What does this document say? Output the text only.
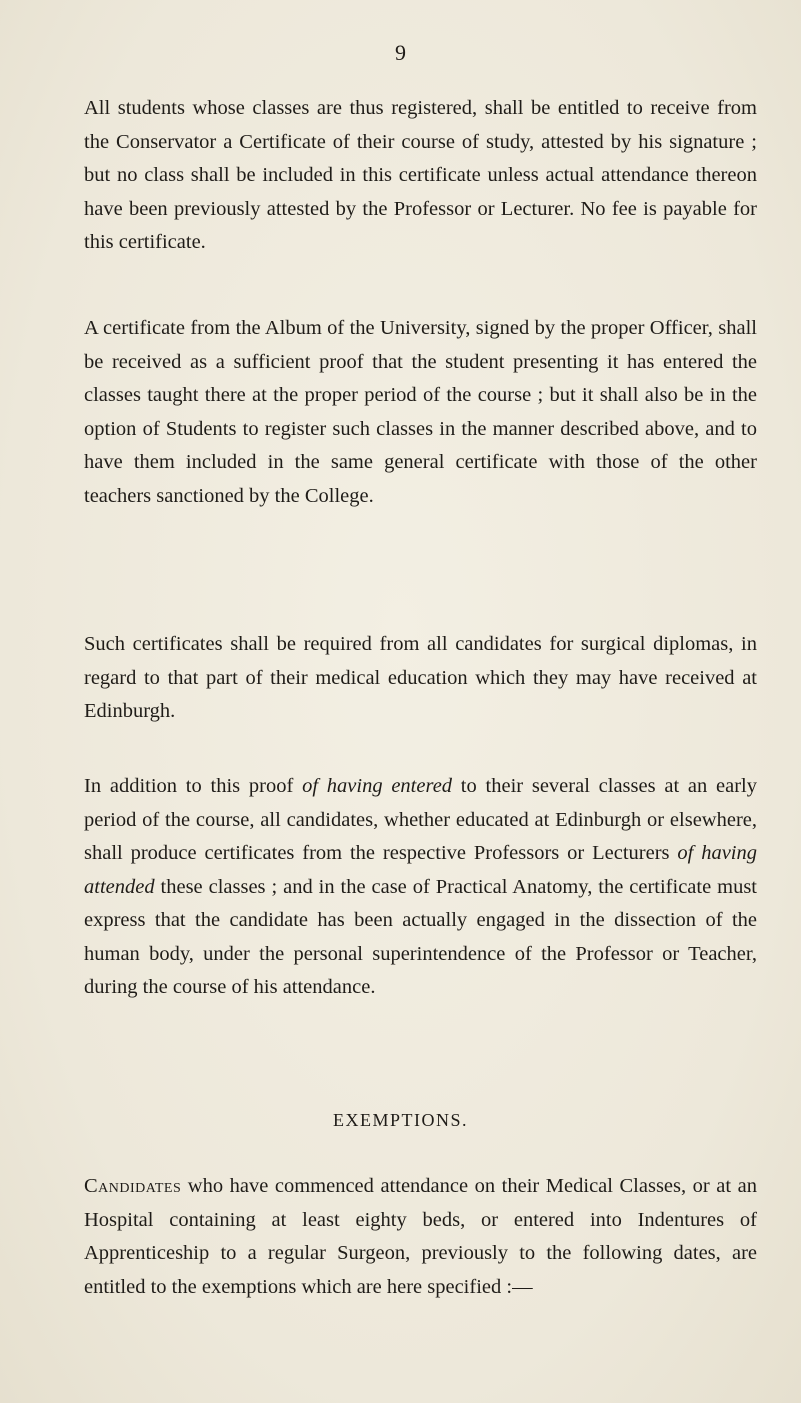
9

All students whose classes are thus registered, shall be entitled to receive from the Conservator a Certificate of their course of study, attested by his signature ; but no class shall be included in this certificate unless actual attendance thereon have been previously attested by the Professor or Lecturer. No fee is payable for this certificate.

A certificate from the Album of the University, signed by the proper Officer, shall be received as a sufficient proof that the student presenting it has entered the classes taught there at the proper period of the course ; but it shall also be in the option of Students to register such classes in the manner described above, and to have them included in the same general certificate with those of the other teachers sanctioned by the College.

Such certificates shall be required from all candidates for surgical diplomas, in regard to that part of their medical education which they may have received at Edinburgh.

In addition to this proof of having entered to their several classes at an early period of the course, all candidates, whether educated at Edinburgh or elsewhere, shall produce certificates from the respective Professors or Lecturers of having attended these classes ; and in the case of Practical Anatomy, the certificate must express that the candidate has been actually engaged in the dissection of the human body, under the personal superintendence of the Professor or Teacher, during the course of his attendance.

EXEMPTIONS.

Candidates who have commenced attendance on their Medical Classes, or at an Hospital containing at least eighty beds, or entered into Indentures of Apprenticeship to a regular Surgeon, previously to the following dates, are entitled to the exemptions which are here specified :—
